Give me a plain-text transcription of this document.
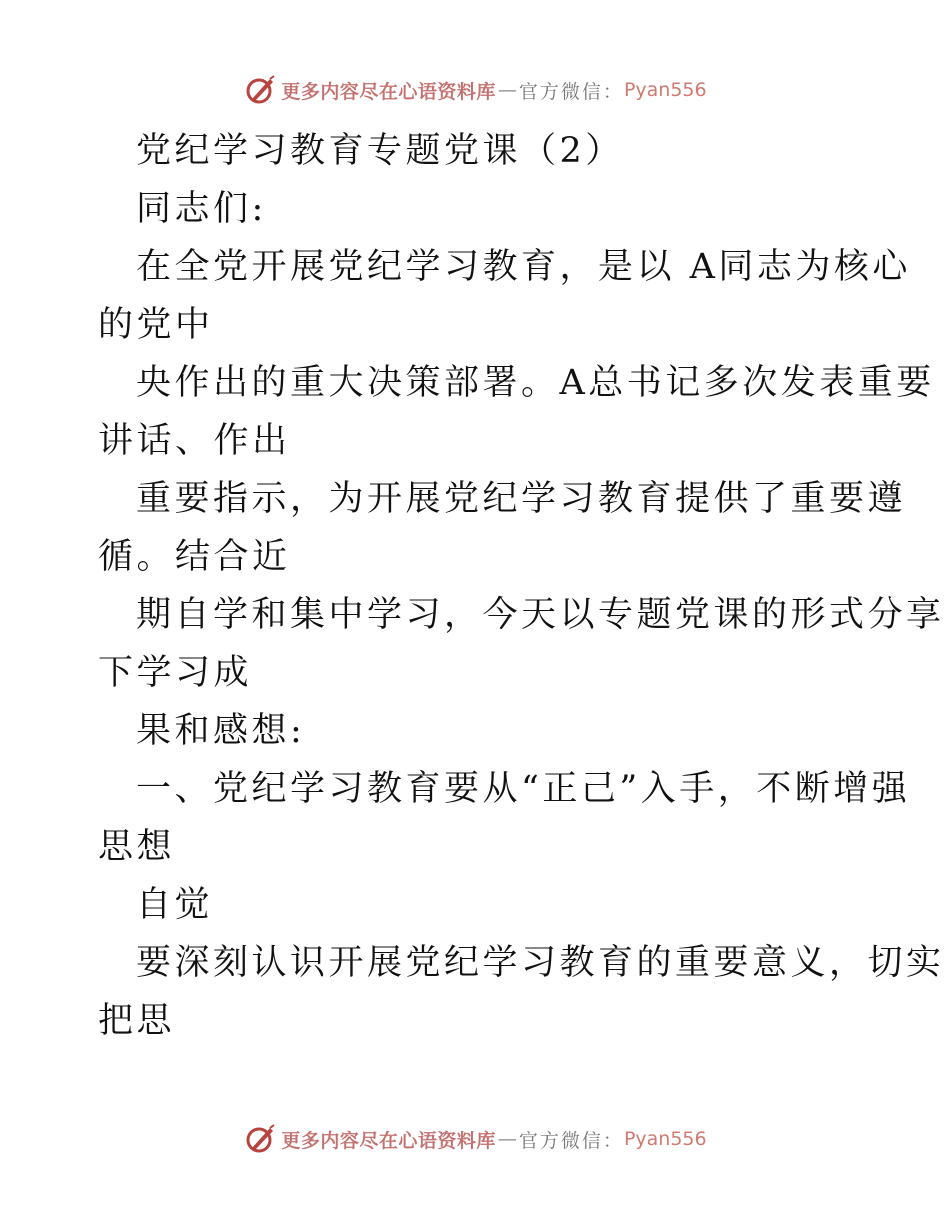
更多内容尽在心语资料库 — 官方微信： Pyan556
党纪学习教育专题党课（2）
同志们:
在全党开展党纪学习教育，是以 A同志为核心
的党中
央作出的重大决策部署。A总书记多次发表重要
讲话、作出
重要指示，为开展党纪学习教育提供了重要遵
循。结合近
期自学和集中学习，今天以专题党课的形式分享
下学习成
果和感想:
一、党纪学习教育要从“正己”入手，不断增强
思想
自觉
要深刻认识开展党纪学习教育的重要意义，切实
把思
更多内容尽在心语资料库 — 官方微信： Pyan556
